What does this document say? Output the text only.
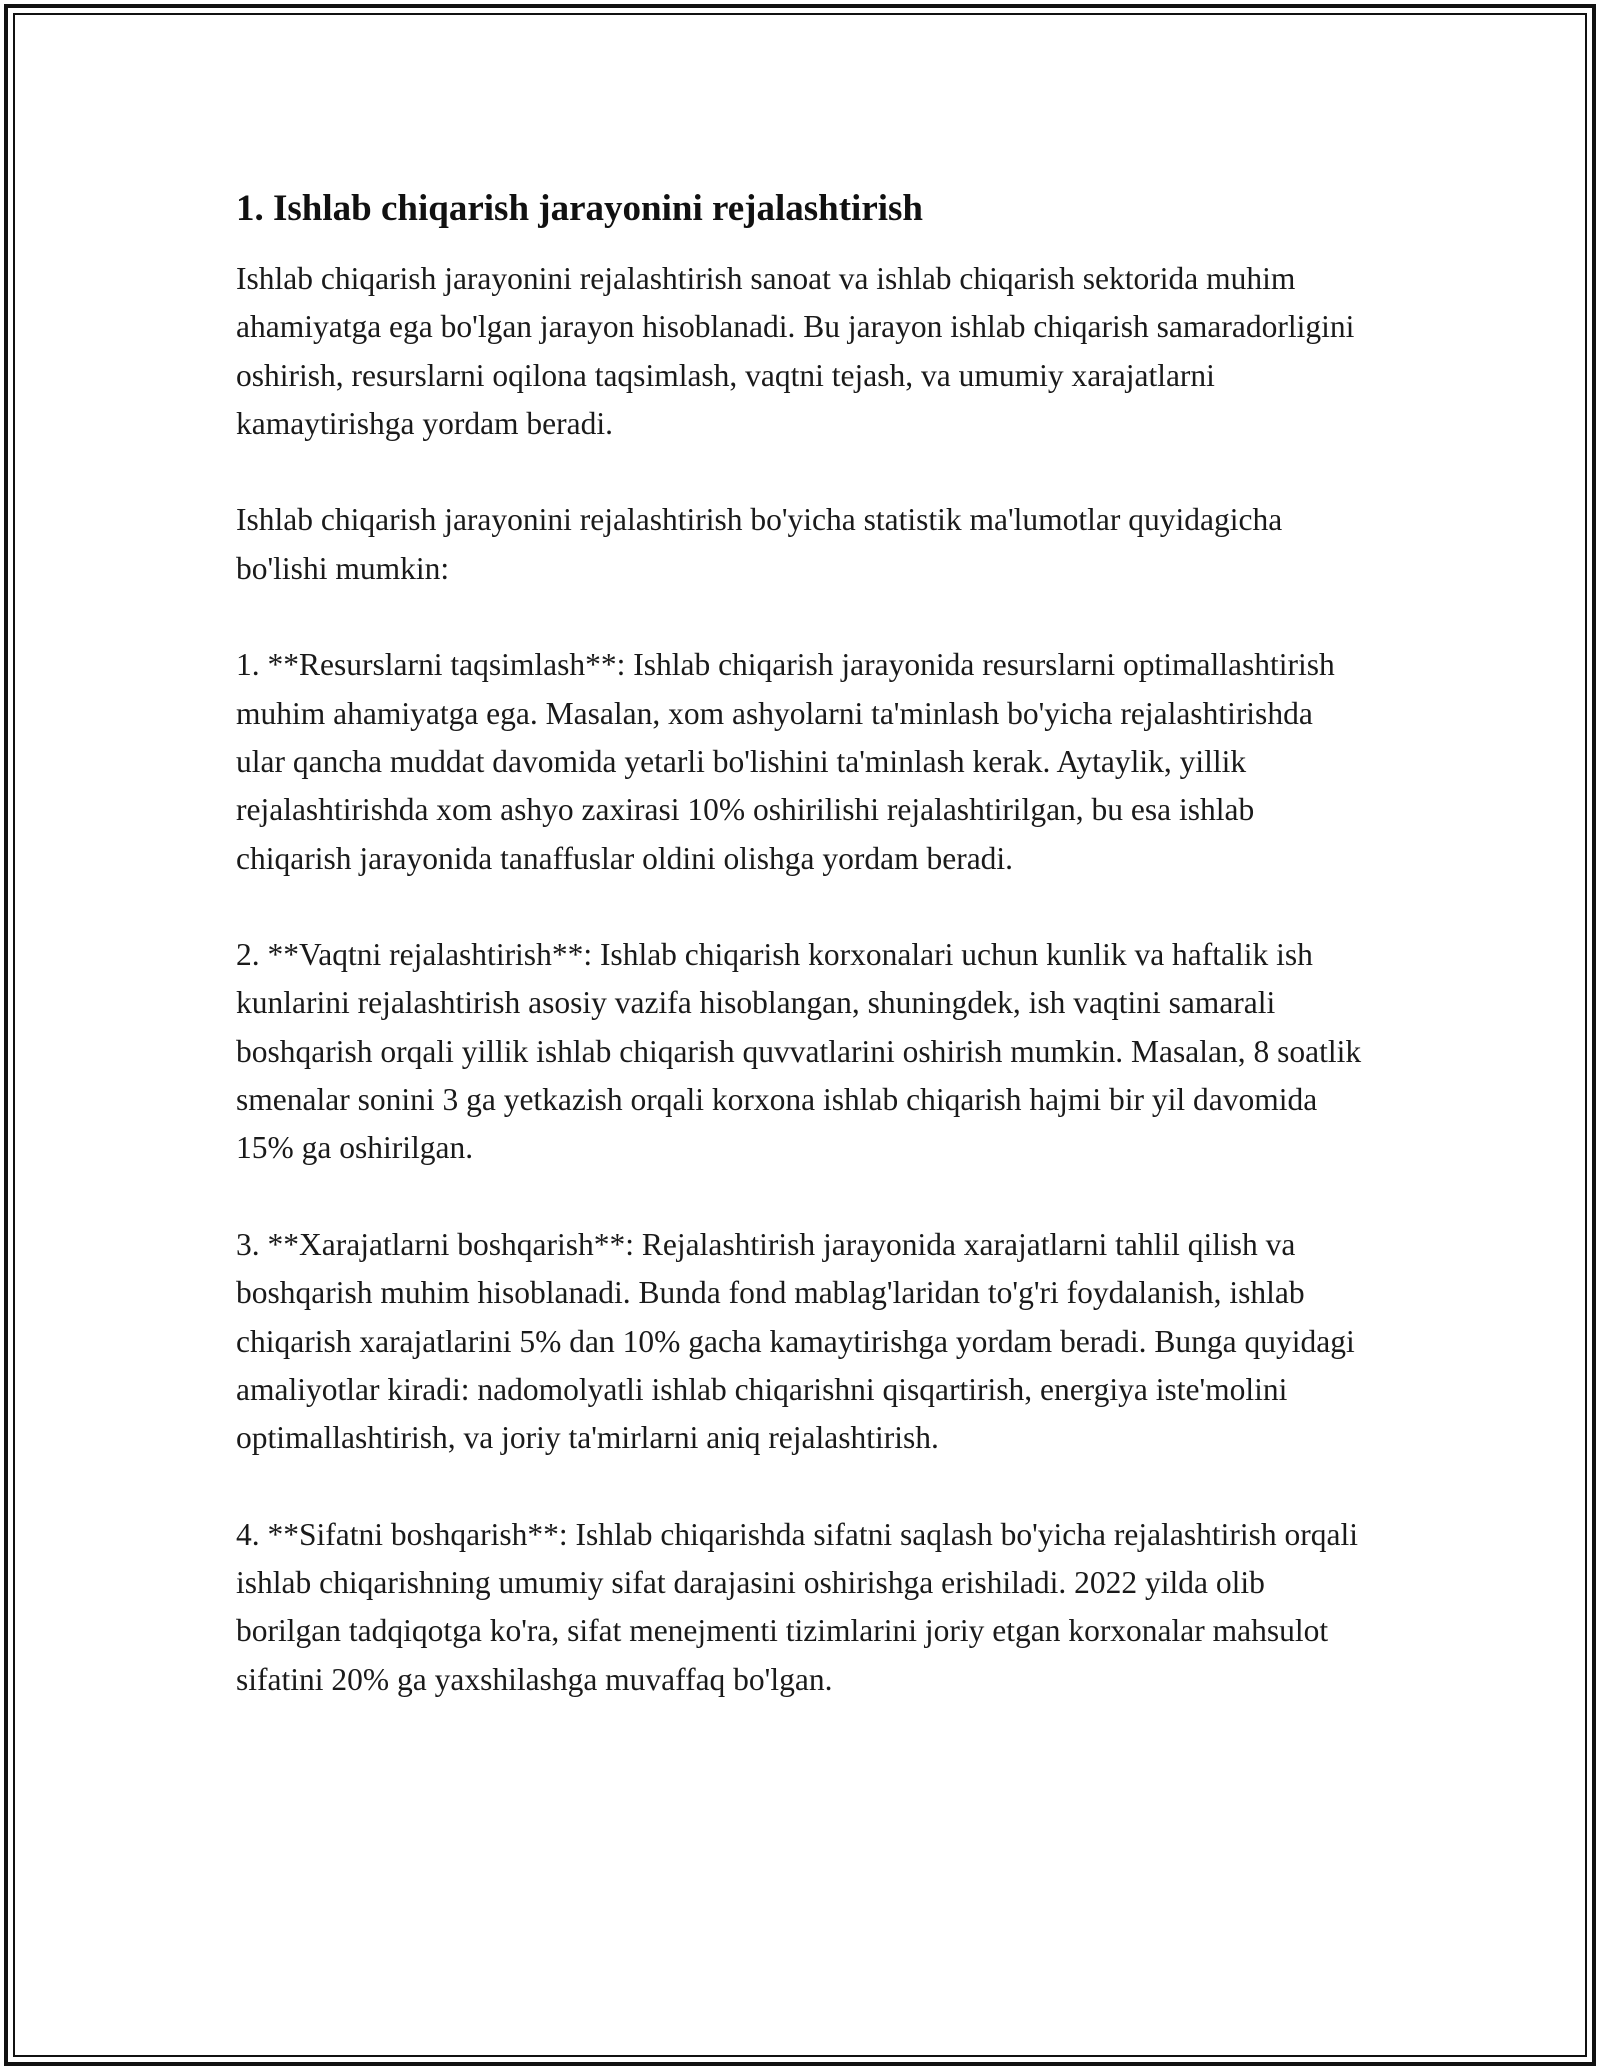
1. Ishlab chiqarish jarayonini rejalashtirish
Ishlab chiqarish jarayonini rejalashtirish sanoat va ishlab chiqarish sektorida muhim ahamiyatga ega bo'lgan jarayon hisoblanadi. Bu jarayon ishlab chiqarish samaradorligini oshirish, resurslarni oqilona taqsimlash, vaqtni tejash, va umumiy xarajatlarni kamaytirishga yordam beradi.
Ishlab chiqarish jarayonini rejalashtirish bo'yicha statistik ma'lumotlar quyidagicha bo'lishi mumkin:
1. **Resurslarni taqsimlash**: Ishlab chiqarish jarayonida resurslarni optimallashtirish muhim ahamiyatga ega. Masalan, xom ashyolarni ta'minlash bo'yicha rejalashtirishda ular qancha muddat davomida yetarli bo'lishini ta'minlash kerak. Aytaylik, yillik rejalashtirishda xom ashyo zaxirasi 10% oshirilishi rejalashtirilgan, bu esa ishlab chiqarish jarayonida tanaffuslar oldini olishga yordam beradi.
2. **Vaqtni rejalashtirish**: Ishlab chiqarish korxonalari uchun kunlik va haftalik ish kunlarini rejalashtirish asosiy vazifa hisoblangan, shuningdek, ish vaqtini samarali boshqarish orqali yillik ishlab chiqarish quvvatlarini oshirish mumkin. Masalan, 8 soatlik smenalar sonini 3 ga yetkazish orqali korxona ishlab chiqarish hajmi bir yil davomida 15% ga oshirilgan.
3. **Xarajatlarni boshqarish**: Rejalashtirish jarayonida xarajatlarni tahlil qilish va boshqarish muhim hisoblanadi. Bunda fond mablag'laridan to'g'ri foydalanish, ishlab chiqarish xarajatlarini 5% dan 10% gacha kamaytirishga yordam beradi. Bunga quyidagi amaliyotlar kiradi: nadomolyatli ishlab chiqarishni qisqartirish, energiya iste'molini optimallashtirish, va joriy ta'mirlarni aniq rejalashtirish.
4. **Sifatni boshqarish**: Ishlab chiqarishda sifatni saqlash bo'yicha rejalashtirish orqali ishlab chiqarishning umumiy sifat darajasini oshirishga erishiladi. 2022 yilda olib borilgan tadqiqotga ko'ra, sifat menejmenti tizimlarini joriy etgan korxonalar mahsulot sifatini 20% ga yaxshilashga muvaffaq bo'lgan.
